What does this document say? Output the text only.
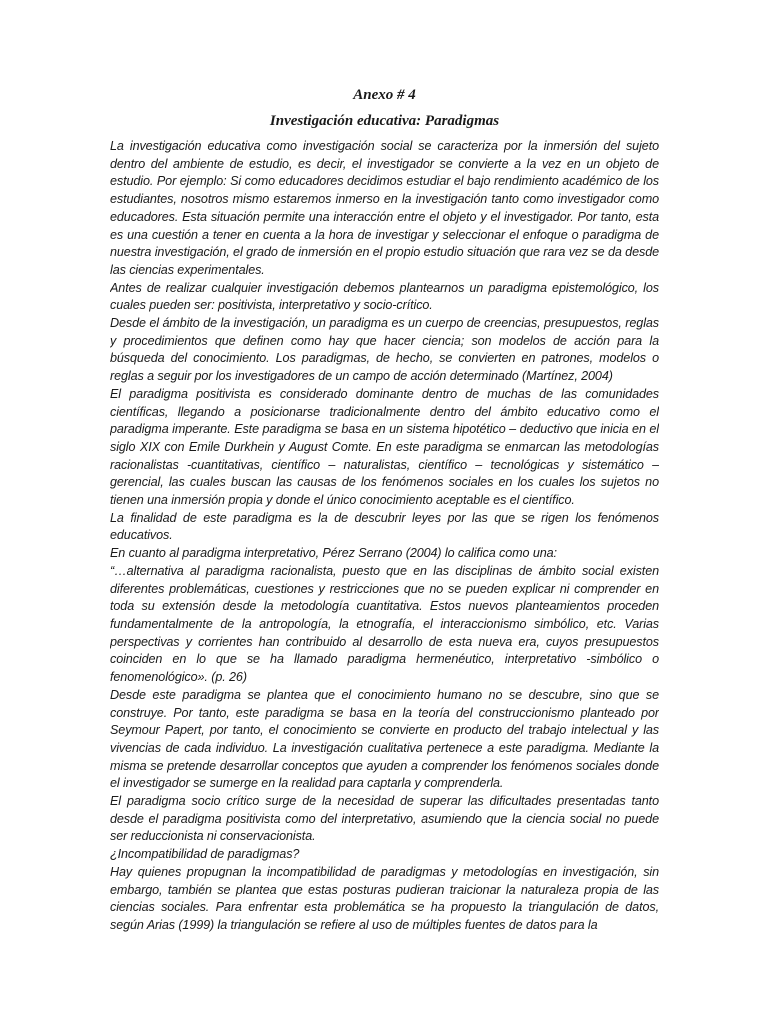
Anexo # 4
Investigación educativa: Paradigmas

La investigación educativa como investigación social se caracteriza por la inmersión del sujeto dentro del ambiente de estudio, es decir, el investigador se convierte a la vez en un objeto de estudio. Por ejemplo: Si como educadores decidimos estudiar el bajo rendimiento académico de los estudiantes, nosotros mismo estaremos inmerso en la investigación tanto como investigador como educadores. Esta situación permite una interacción entre el objeto y el investigador. Por tanto, esta es una cuestión a tener en cuenta a la hora de investigar y seleccionar el enfoque o paradigma de nuestra investigación, el grado de inmersión en el propio estudio situación que rara vez se da desde las ciencias experimentales.

Antes de realizar cualquier investigación debemos plantearnos un paradigma epistemológico, los cuales pueden ser: positivista, interpretativo y socio-crítico.

Desde el ámbito de la investigación, un paradigma es un cuerpo de creencias, presupuestos, reglas y procedimientos que definen como hay que hacer ciencia; son modelos de acción para la búsqueda del conocimiento. Los paradigmas, de hecho, se convierten en patrones, modelos o reglas a seguir por los investigadores de un campo de acción determinado (Martínez, 2004)

El paradigma positivista es considerado dominante dentro de muchas de las comunidades científicas, llegando a posicionarse tradicionalmente dentro del ámbito educativo como el paradigma imperante. Este paradigma se basa en un sistema hipotético – deductivo que inicia en el siglo XIX con Emile Durkhein y August Comte. En este paradigma se enmarcan las metodologías racionalistas -cuantitativas, científico – naturalistas, científico – tecnológicas y sistemático – gerencial, las cuales buscan las causas de los fenómenos sociales en los cuales los sujetos no tienen una inmersión propia y donde el único conocimiento aceptable es el científico.

La finalidad de este paradigma es la de descubrir leyes por las que se rigen los fenómenos educativos.

En cuanto al paradigma interpretativo, Pérez Serrano (2004) lo califica como una:

“…alternativa al paradigma racionalista, puesto que en las disciplinas de ámbito social existen diferentes problemáticas, cuestiones y restricciones que no se pueden explicar ni comprender en toda su extensión desde la metodología cuantitativa. Estos nuevos planteamientos proceden fundamentalmente de la antropología, la etnografía, el interaccionismo simbólico, etc. Varias perspectivas y corrientes han contribuido al desarrollo de esta nueva era, cuyos presupuestos coinciden en lo que se ha llamado paradigma hermenéutico, interpretativo -simbólico o fenomenológico». (p. 26)

Desde este paradigma se plantea que el conocimiento humano no se descubre, sino que se construye. Por tanto, este paradigma se basa en la teoría del construccionismo planteado por Seymour Papert, por tanto, el conocimiento se convierte en producto del trabajo intelectual y las vivencias de cada individuo. La investigación cualitativa pertenece a este paradigma. Mediante la misma se pretende desarrollar conceptos que ayuden a comprender los fenómenos sociales donde el investigador se sumerge en la realidad para captarla y comprenderla.

El paradigma socio crítico surge de la necesidad de superar las dificultades presentadas tanto desde el paradigma positivista como del interpretativo, asumiendo que la ciencia social no puede ser reduccionista ni conservacionista.

¿Incompatibilidad de paradigmas?

Hay quienes propugnan la incompatibilidad de paradigmas y metodologías en investigación, sin embargo, también se plantea que estas posturas pudieran traicionar la naturaleza propia de las ciencias sociales. Para enfrentar esta problemática se ha propuesto la triangulación de datos, según Arias (1999) la triangulación se refiere al uso de múltiples fuentes de datos para la
